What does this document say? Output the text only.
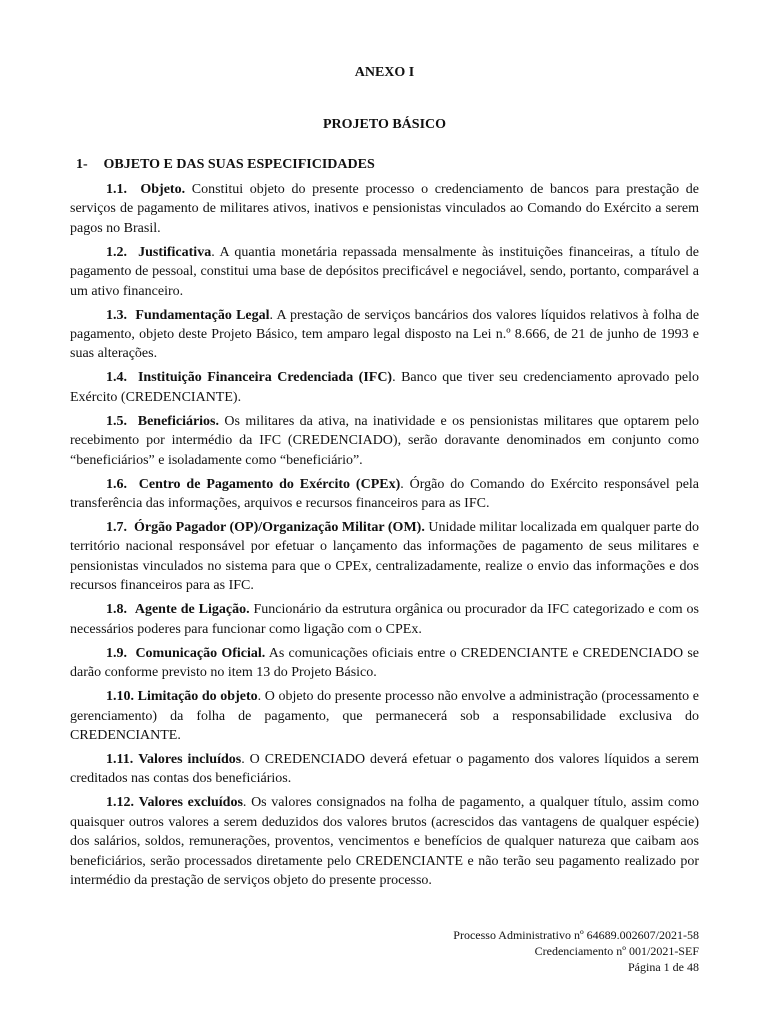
ANEXO I
PROJETO BÁSICO
1- OBJETO E DAS SUAS ESPECIFICIDADES

1.1. Objeto. Constitui objeto do presente processo o credenciamento de bancos para prestação de serviços de pagamento de militares ativos, inativos e pensionistas vinculados ao Comando do Exército a serem pagos no Brasil.

1.2. Justificativa. A quantia monetária repassada mensalmente às instituições financeiras, a título de pagamento de pessoal, constitui uma base de depósitos precificável e negociável, sendo, portanto, comparável a um ativo financeiro.

1.3. Fundamentação Legal. A prestação de serviços bancários dos valores líquidos relativos à folha de pagamento, objeto deste Projeto Básico, tem amparo legal disposto na Lei n.º 8.666, de 21 de junho de 1993 e suas alterações.

1.4. Instituição Financeira Credenciada (IFC). Banco que tiver seu credenciamento aprovado pelo Exército (CREDENCIANTE).

1.5. Beneficiários. Os militares da ativa, na inatividade e os pensionistas militares que optarem pelo recebimento por intermédio da IFC (CREDENCIADO), serão doravante denominados em conjunto como “beneficiários” e isoladamente como “beneficiário”.

1.6. Centro de Pagamento do Exército (CPEx). Órgão do Comando do Exército responsável pela transferência das informações, arquivos e recursos financeiros para as IFC.

1.7. Órgão Pagador (OP)/Organização Militar (OM). Unidade militar localizada em qualquer parte do território nacional responsável por efetuar o lançamento das informações de pagamento de seus militares e pensionistas vinculados no sistema para que o CPEx, centralizadamente, realize o envio das informações e dos recursos financeiros para as IFC.

1.8. Agente de Ligação. Funcionário da estrutura orgânica ou procurador da IFC categorizado e com os necessários poderes para funcionar como ligação com o CPEx.

1.9. Comunicação Oficial. As comunicações oficiais entre o CREDENCIANTE e CREDENCIADO se darão conforme previsto no item 13 do Projeto Básico.

1.10. Limitação do objeto. O objeto do presente processo não envolve a administração (processamento e gerenciamento) da folha de pagamento, que permanecerá sob a responsabilidade exclusiva do CREDENCIANTE.

1.11. Valores incluídos. O CREDENCIADO deverá efetuar o pagamento dos valores líquidos a serem creditados nas contas dos beneficiários.

1.12. Valores excluídos. Os valores consignados na folha de pagamento, a qualquer título, assim como quaisquer outros valores a serem deduzidos dos valores brutos (acrescidos das vantagens de qualquer espécie) dos salários, soldos, remunerações, proventos, vencimentos e benefícios de qualquer natureza que caibam aos beneficiários, serão processados diretamente pelo CREDENCIANTE e não terão seu pagamento realizado por intermédio da prestação de serviços objeto do presente processo.

Processo Administrativo nº 64689.002607/2021-58
Credenciamento nº 001/2021-SEF
Página 1 de 48
